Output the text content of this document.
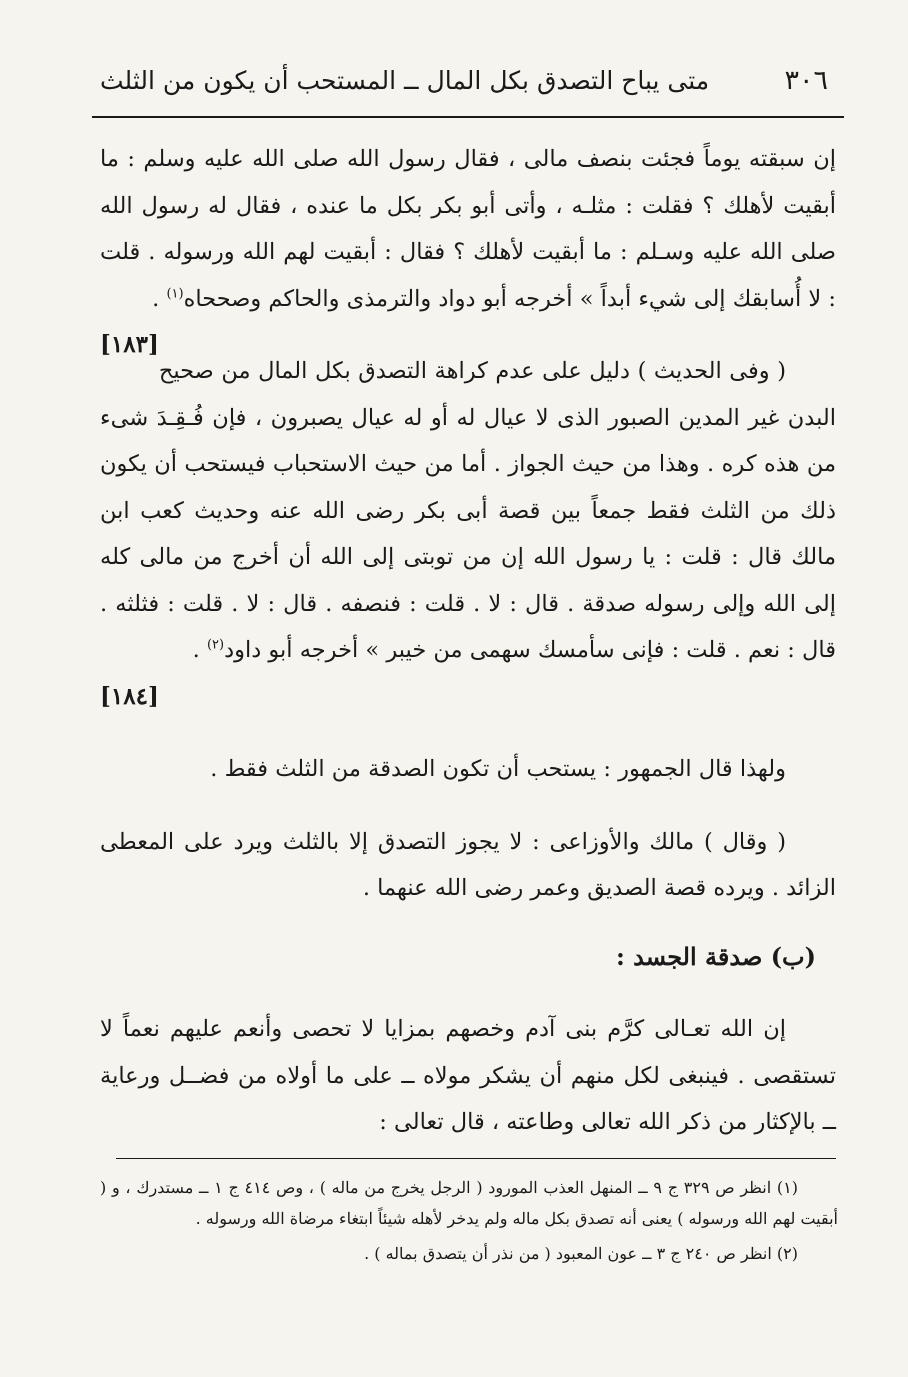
٣٠٦
متى يباح التصدق بكل المال ــ المستحب أن يكون من الثلث

إن سبقته يوماً فجئت بنصف مالى ، فقال رسول الله صلى الله عليه وسلم : ما أبقيت لأهلك ؟ فقلت : مثلـه ، وأتى أبو بكر بكل ما عنده ، فقال له رسول الله صلى الله عليه وسـلم : ما أبقيت لأهلك ؟ فقال : أبقيت لهم الله ورسوله . قلت : لا أُسابقك إلى شيء أبداً » أخرجه أبو دواد والترمذى والحاكم وصححاه$^{(١)}$ .
[١٨٣]

( وفى الحديث ) دليل على عدم كراهة التصدق بكل المال من صحيح البدن غير المدين الصبور الذى لا عيال له أو له عيال يصبرون ، فإن فُـقِـدَ شىء من هذه كره . وهذا من حيث الجواز . أما من حيث الاستحباب فيستحب أن يكون ذلك من الثلث فقط جمعاً بين قصة أبى بكر رضى الله عنه وحديث كعب ابن مالك قال : قلت : يا رسول الله إن من توبتى إلى الله أن أخرج من مالى كله إلى الله وإلى رسوله صدقة . قال : لا . قلت : فنصفه . قال : لا . قلت : فثلثه . قال : نعم . قلت : فإنى سأمسك سهمى من خيبر » أخرجه أبو داود$^{(٢)}$ .

[١٨٤]

ولهذا قال الجمهور : يستحب أن تكون الصدقة من الثلث فقط .

( وقال ) مالك والأوزاعى : لا يجوز التصدق إلا بالثلث ويرد على المعطى الزائد . ويرده قصة الصديق وعمر رضى الله عنهما .

(ب) صدقة الجسد :

إن الله تعـالى كرَّم بنى آدم وخصهم بمزايا لا تحصى وأنعم عليهم نعماً لا تستقصى . فينبغى لكل منهم أن يشكر مولاه ــ على ما أولاه من فضــل ورعاية ــ بالإكثار من ذكر الله تعالى وطاعته ، قال تعالى :

(١) انظر ص ٣٢٩ ج ٩ ــ المنهل العذب المورود ( الرجل يخرج من ماله ) ، وص ٤١٤ ج ١ ــ مستدرك ، و ( أبقيت لهم الله ورسوله ) يعنى أنه تصدق بكل ماله ولم يدخر لأهله شيئاً ابتغاء مرضاة الله ورسوله .

(٢) انظر ص ٢٤٠ ج ٣ ــ عون المعبود ( من نذر أن يتصدق بماله ) .
